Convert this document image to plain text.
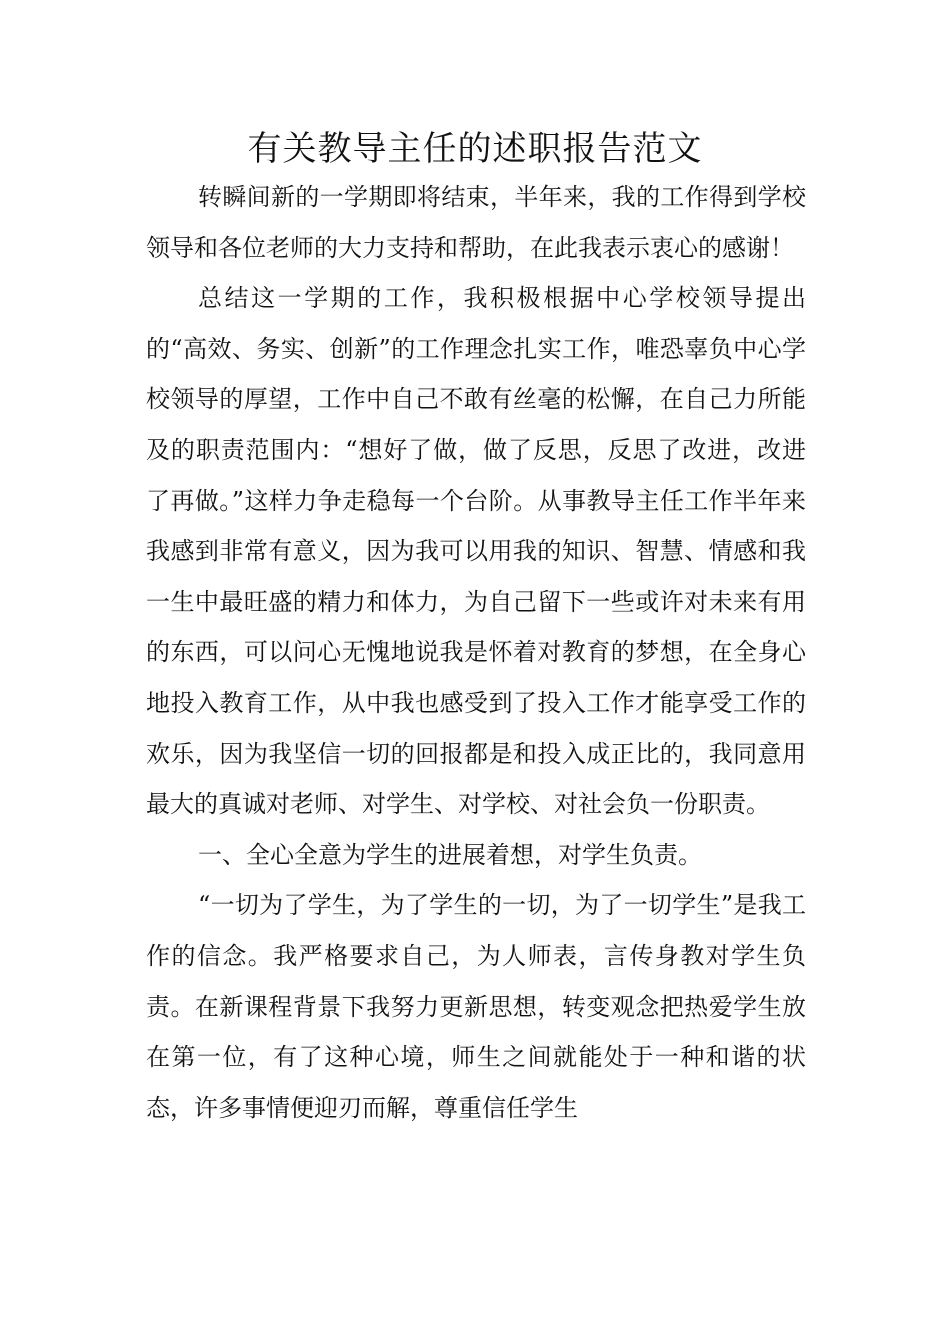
有关教导主任的述职报告范文

转瞬间新的一学期即将结束，半年来，我的工作得到学校领导和各位老师的大力支持和帮助，在此我表示衷心的感谢！

总结这一学期的工作，我积极根据中心学校领导提出的“高效、务实、创新”的工作理念扎实工作，唯恐辜负中心学校领导的厚望，工作中自己不敢有丝毫的松懈，在自己力所能及的职责范围内：“想好了做，做了反思，反思了改进，改进了再做。”这样力争走稳每一个台阶。从事教导主任工作半年来我感到非常有意义，因为我可以用我的知识、智慧、情感和我一生中最旺盛的精力和体力，为自己留下一些或许对未来有用的东西，可以问心无愧地说我是怀着对教育的梦想，在全身心地投入教育工作，从中我也感受到了投入工作才能享受工作的欢乐，因为我坚信一切的回报都是和投入成正比的，我同意用最大的真诚对老师、对学生、对学校、对社会负一份职责。

一、全心全意为学生的进展着想，对学生负责。

“一切为了学生，为了学生的一切，为了一切学生”是我工作的信念。我严格要求自己，为人师表，言传身教对学生负责。在新课程背景下我努力更新思想，转变观念把热爱学生放在第一位，有了这种心境，师生之间就能处于一种和谐的状态，许多事情便迎刃而解，尊重信任学生
